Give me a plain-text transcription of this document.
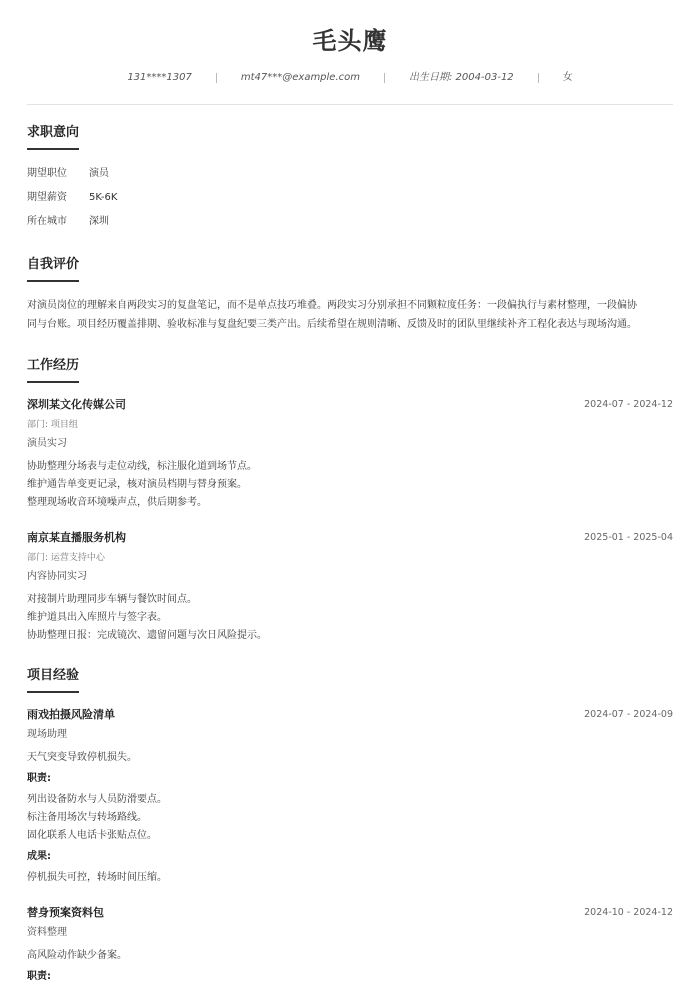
毛头鹰
131****1307	mt47***@example.com	出生日期: 2004-03-12	女
求职意向
期望职位 演员
期望薪资 5K-6K
所在城市 深圳
自我评价
对演员岗位的理解来自两段实习的复盘笔记，而不是单点技巧堆叠。两段实习分别承担不同颗粒度任务：一段偏执行与素材整理，一段偏协
同与台账。项目经历覆盖排期、验收标准与复盘纪要三类产出。后续希望在规则清晰、反馈及时的团队里继续补齐工程化表达与现场沟通。
工作经历
深圳某文化传媒公司	2024-07 - 2024-12
部门: 项目组
演员实习
协助整理分场表与走位动线，标注服化道到场节点。
维护通告单变更记录，核对演员档期与替身预案。
整理现场收音环境噪声点，供后期参考。
南京某直播服务机构	2025-01 - 2025-04
部门: 运营支持中心
内容协同实习
对接制片助理同步车辆与餐饮时间点。
维护道具出入库照片与签字表。
协助整理日报：完成镜次、遗留问题与次日风险提示。
项目经验
雨戏拍摄风险清单	2024-07 - 2024-09
现场助理
天气突变导致停机损失。
职责:
列出设备防水与人员防滑要点。
标注备用场次与转场路线。
固化联系人电话卡张贴点位。
成果:
停机损失可控，转场时间压缩。
替身预案资料包	2024-10 - 2024-12
资料整理
高风险动作缺少备案。
职责:
